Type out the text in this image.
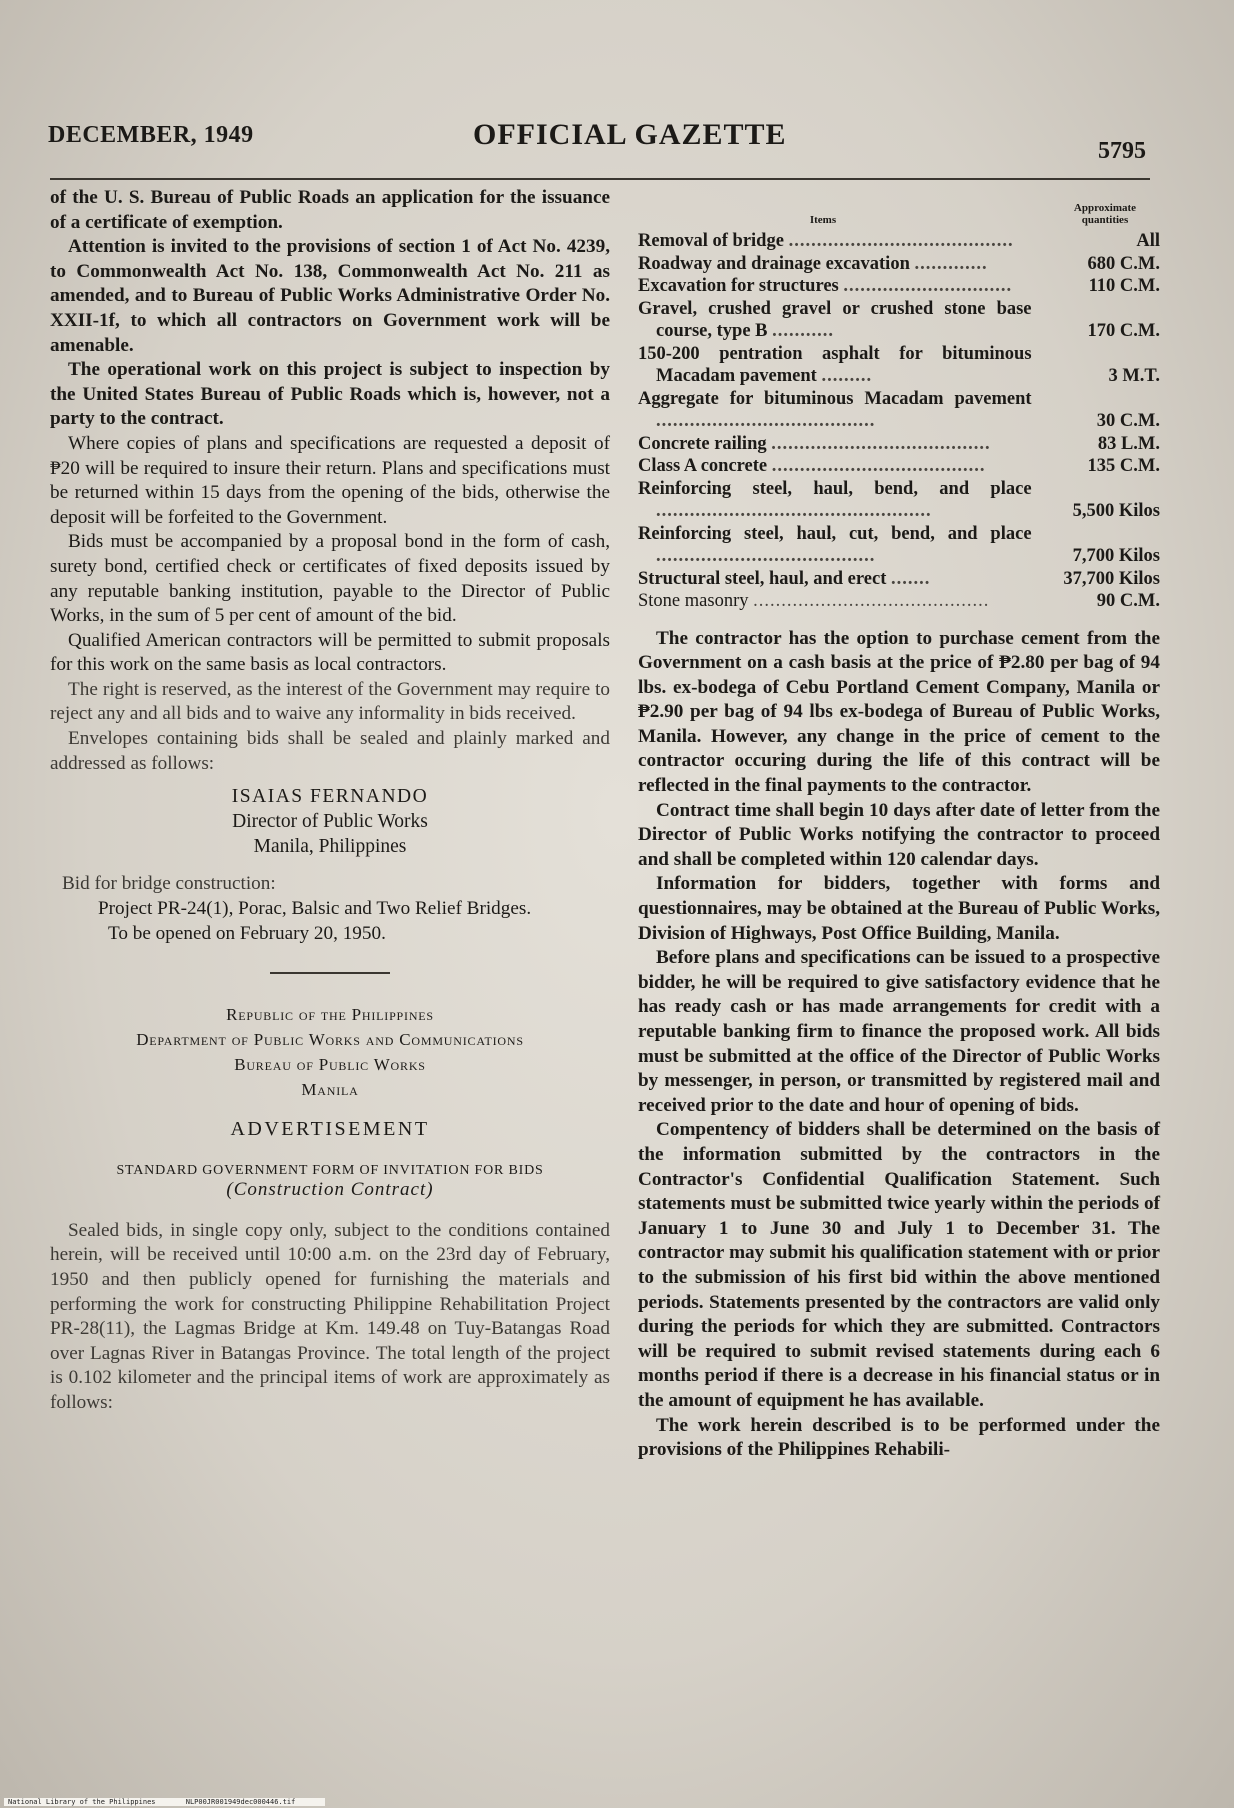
DECEMBER, 1949	OFFICIAL GAZETTE	5795

of the U. S. Bureau of Public Roads an application for the issuance of a certificate of exemption.

Attention is invited to the provisions of section 1 of Act No. 4239, to Commonwealth Act No. 138, Commonwealth Act No. 211 as amended, and to Bureau of Public Works Administrative Order No. XXII-1f, to which all contractors on Government work will be amenable.

The operational work on this project is subject to inspection by the United States Bureau of Public Roads which is, however, not a party to the contract.

Where copies of plans and specifications are requested a deposit of ₱20 will be required to insure their return. Plans and specifications must be returned within 15 days from the opening of the bids, otherwise the deposit will be forfeited to the Government.

Bids must be accompanied by a proposal bond in the form of cash, surety bond, certified check or certificates of fixed deposits issued by any reputable banking institution, payable to the Director of Public Works, in the sum of 5 per cent of amount of the bid.

Qualified American contractors will be permitted to submit proposals for this work on the same basis as local contractors.

The right is reserved, as the interest of the Government may require to reject any and all bids and to waive any informality in bids received.

Envelopes containing bids shall be sealed and plainly marked and addressed as follows:

ISAIAS FERNANDO
Director of Public Works
Manila, Philippines
Bid for bridge construction:
Project PR-24(1), Porac, Balsic and Two Relief Bridges.
To be opened on February 20, 1950.
Republic of the Philippines
Department of Public Works and Communications
Bureau of Public Works
Manila
ADVERTISEMENT
STANDARD GOVERNMENT FORM OF INVITATION FOR BIDS
(Construction Contract)

Sealed bids, in single copy only, subject to the conditions contained herein, will be received until 10:00 a.m. on the 23rd day of February, 1950 and then publicly opened for furnishing the materials and performing the work for constructing Philippine Rehabilitation Project PR-28(11), the Lagmas Bridge at Km. 149.48 on Tuy-Batangas Road over Lagnas River in Batangas Province. The total length of the project is 0.102 kilometer and the principal items of work are approximately as follows:

Items
Approximate quantities
Removal of bridge ........................................	All
Roadway and drainage excavation .............	680 C.M.
Excavation for structures ..............................	110 C.M.
Gravel, crushed gravel or crushed stone base course, type B ...........	170 C.M.
150-200 pentration asphalt for bituminous Macadam pavement .........	3 M.T.
Aggregate for bituminous Macadam pavement .......................................	30 C.M.
Concrete railing .......................................	83 L.M.
Class A concrete ......................................	135 C.M.
Reinforcing steel, haul, bend, and place .................................................	5,500 Kilos
Reinforcing steel, haul, cut, bend, and place .......................................	7,700 Kilos
Structural steel, haul, and erect .......	37,700 Kilos
Stone masonry ..........................................	90 C.M.

The contractor has the option to purchase cement from the Government on a cash basis at the price of ₱2.80 per bag of 94 lbs. ex-bodega of Cebu Portland Cement Company, Manila or ₱2.90 per bag of 94 lbs ex-bodega of Bureau of Public Works, Manila. However, any change in the price of cement to the contractor occuring during the life of this contract will be reflected in the final payments to the contractor.

Contract time shall begin 10 days after date of letter from the Director of Public Works notifying the contractor to proceed and shall be completed within 120 calendar days.

Information for bidders, together with forms and questionnaires, may be obtained at the Bureau of Public Works, Division of Highways, Post Office Building, Manila.

Before plans and specifications can be issued to a prospective bidder, he will be required to give satisfactory evidence that he has ready cash or has made arrangements for credit with a reputable banking firm to finance the proposed work. All bids must be submitted at the office of the Director of Public Works by messenger, in person, or transmitted by registered mail and received prior to the date and hour of opening of bids.

Compentency of bidders shall be determined on the basis of the information submitted by the contractors in the Contractor's Confidential Qualification Statement. Such statements must be submitted twice yearly within the periods of January 1 to June 30 and July 1 to December 31. The contractor may submit his qualification statement with or prior to the submission of his first bid within the above mentioned periods. Statements presented by the contractors are valid only during the periods for which they are submitted. Contractors will be required to submit revised statements during each 6 months period if there is a decrease in his financial status or in the amount of equipment he has available.

The work herein described is to be performed under the provisions of the Philippines Rehabili-

National Library of the Philippines	NLP00JR001949dec000446.tif
